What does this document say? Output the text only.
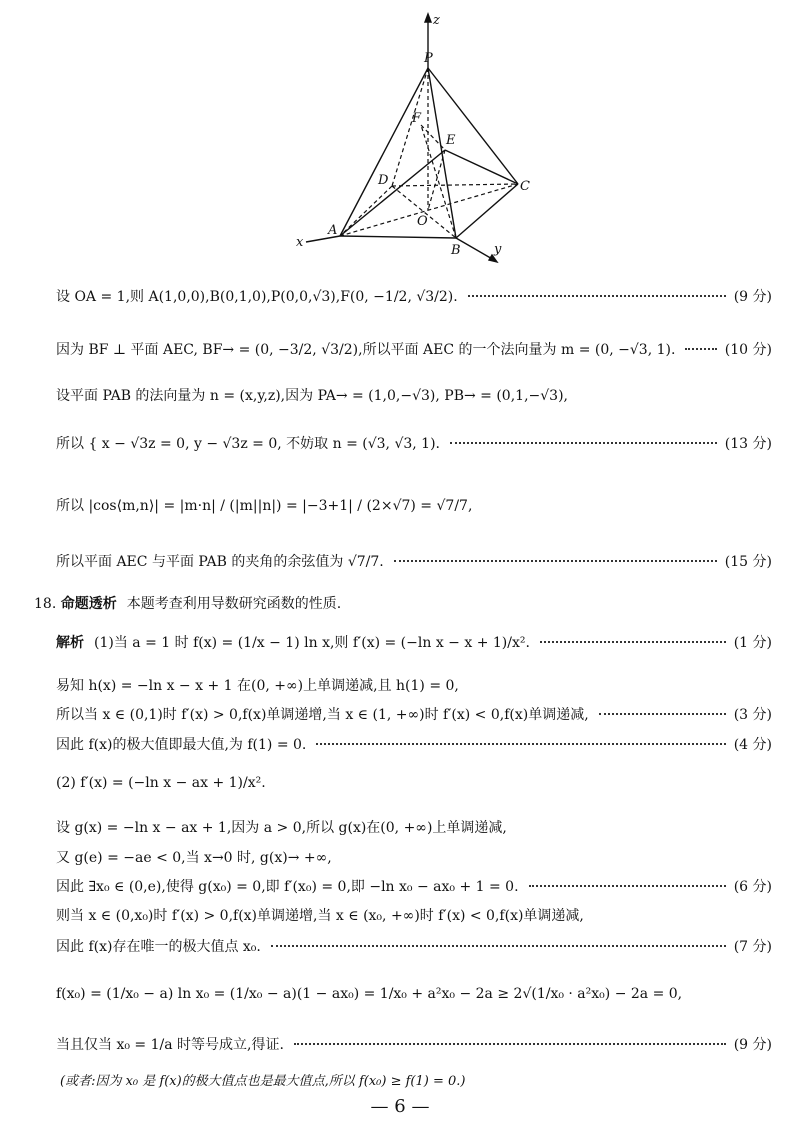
z
P
F
E
D	C
O
A
B
x	y
设 OA = 1,则 A(1,0,0),B(0,1,0),P(0,0,√3),F(0, −1/2, √3/2).	(9 分)
因为 BF ⊥ 平面 AEC, BF→ = (0, −3/2, √3/2),所以平面 AEC 的一个法向量为 m = (0, −√3, 1).	(10 分)
设平面 PAB 的法向量为 n = (x,y,z),因为 PA→ = (1,0,−√3), PB→ = (0,1,−√3),
所以 { x − √3z = 0, y − √3z = 0, 不妨取 n = (√3, √3, 1).	(13 分)
所以 |cos⟨m,n⟩| = |m·n| / (|m||n|) = |−3+1| / (2×√7) = √7/7,
所以平面 AEC 与平面 PAB 的夹角的余弦值为 √7/7.	(15 分)
18. 命题透析 本题考查利用导数研究函数的性质.
解析 (1)当 a = 1 时 f(x) = (1/x − 1) ln x,则 f′(x) = (−ln x − x + 1)/x².	(1 分)
易知 h(x) = −ln x − x + 1 在(0, +∞)上单调递减,且 h(1) = 0,
所以当 x ∈ (0,1)时 f′(x) > 0,f(x)单调递增,当 x ∈ (1, +∞)时 f′(x) < 0,f(x)单调递减,	(3 分)
因此 f(x)的极大值即最大值,为 f(1) = 0.	(4 分)
(2) f′(x) = (−ln x − ax + 1)/x².
设 g(x) = −ln x − ax + 1,因为 a > 0,所以 g(x)在(0, +∞)上单调递减,
又 g(e) = −ae < 0,当 x→0 时, g(x)→ +∞,
因此 ∃x₀ ∈ (0,e),使得 g(x₀) = 0,即 f′(x₀) = 0,即 −ln x₀ − ax₀ + 1 = 0.	(6 分)
则当 x ∈ (0,x₀)时 f′(x) > 0,f(x)单调递增,当 x ∈ (x₀, +∞)时 f′(x) < 0,f(x)单调递减,
因此 f(x)存在唯一的极大值点 x₀.	(7 分)
f(x₀) = (1/x₀ − a) ln x₀ = (1/x₀ − a)(1 − ax₀) = 1/x₀ + a²x₀ − 2a ≥ 2√(1/x₀ · a²x₀) − 2a = 0,
当且仅当 x₀ = 1/a 时等号成立,得证.	(9 分)
(或者:因为 x₀ 是 f(x)的极大值点也是最大值点,所以 f(x₀) ≥ f(1) = 0.)
— 6 —
